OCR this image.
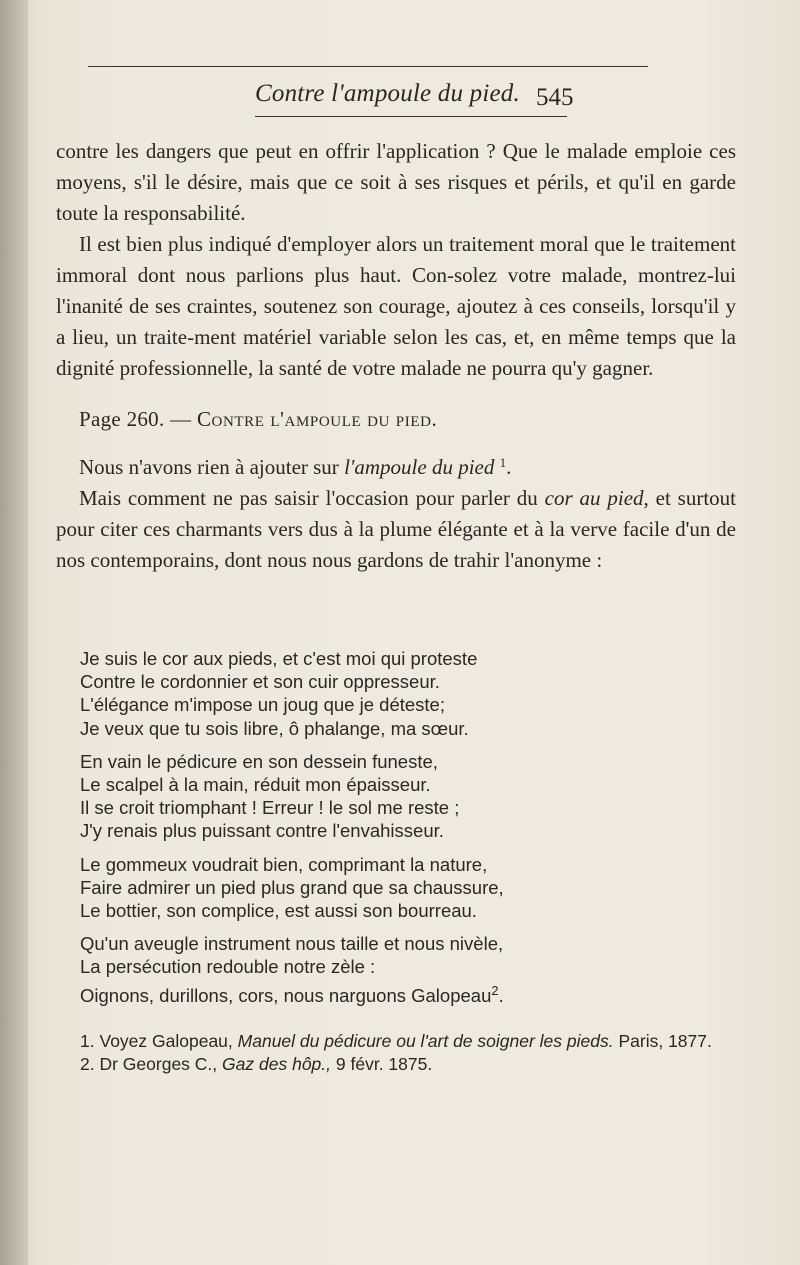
Contre l'ampoule du pied. 545

contre les dangers que peut en offrir l'application ? Que le malade emploie ces moyens, s'il le désire, mais que ce soit à ses risques et périls, et qu'il en garde toute la responsabilité.

Il est bien plus indiqué d'employer alors un traitement moral que le traitement immoral dont nous parlions plus haut. Con-solez votre malade, montrez-lui l'inanité de ses craintes, soutenez son courage, ajoutez à ces conseils, lorsqu'il y a lieu, un traite-ment matériel variable selon les cas, et, en même temps que la dignité professionnelle, la santé de votre malade ne pourra qu'y gagner.

Page 260. — Contre l'ampoule du pied.

Nous n'avons rien à ajouter sur l'ampoule du pied $^1$.

Mais comment ne pas saisir l'occasion pour parler du cor au pied, et surtout pour citer ces charmants vers dus à la plume élégante et à la verve facile d'un de nos contemporains, dont nous nous gardons de trahir l'anonyme :

Je suis le cor aux pieds, et c'est moi qui proteste
Contre le cordonnier et son cuir oppresseur.
L'élégance m'impose un joug que je déteste;
Je veux que tu sois libre, ô phalange, ma sœur.
En vain le pédicure en son dessein funeste,
Le scalpel à la main, réduit mon épaisseur.
Il se croit triomphant ! Erreur ! le sol me reste ;
J'y renais plus puissant contre l'envahisseur.
Le gommeux voudrait bien, comprimant la nature,
Faire admirer un pied plus grand que sa chaussure,
Le bottier, son complice, est aussi son bourreau.
Qu'un aveugle instrument nous taille et nous nivèle,
La persécution redouble notre zèle :
Oignons, durillons, cors, nous narguons Galopeau$^2$.

1. Voyez Galopeau, Manuel du pédicure ou l'art de soigner les pieds. Paris, 1877.

2. Dr Georges C., Gaz des hôp., 9 févr. 1875.
